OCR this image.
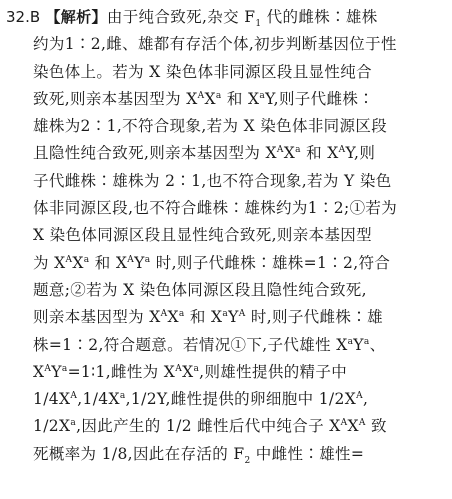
32.B 【解析】由于纯合致死,杂交 $F_1$ 代的雌株∶雄株
约为1∶2,雌、雄都有存活个体,初步判断基因位于性
染色体上。若为 X 染色体非同源区段且显性纯合
致死,则亲本基因型为 $X^AX^a$ 和 $X^aY$,则子代雌株∶
雄株为2∶1,不符合现象,若为 X 染色体非同源区段
且隐性纯合致死,则亲本基因型为 $X^AX^a$ 和 $X^AY$,则
子代雌株∶雄株为 2∶1,也不符合现象,若为 Y 染色
体非同源区段,也不符合雌株∶雄株约为1∶2;①若为
X 染色体同源区段且显性纯合致死,则亲本基因型
为 $X^AX^a$ 和 $X^AY^a$ 时,则子代雌株∶雄株=1∶2,符合
题意;②若为 X 染色体同源区段且隐性纯合致死,
则亲本基因型为 $X^AX^a$ 和 $X^aY^A$ 时,则子代雌株∶雄
株=1∶2,符合题意。若情况①下,子代雄性 $X^aY^a$、
$X^AY^a=1∶1$,雌性为 $X^AX^a$,则雄性提供的精子中
$1/4X^A,1/4X^a,1/2Y$,雌性提供的卵细胞中 $1/2X^A$,
$1/2X^a$,因此产生的 1/2 雌性后代中纯合子 $X^AX^A$ 致
死概率为 1/8,因此在存活的 $F_2$ 中雌性∶雄性=
